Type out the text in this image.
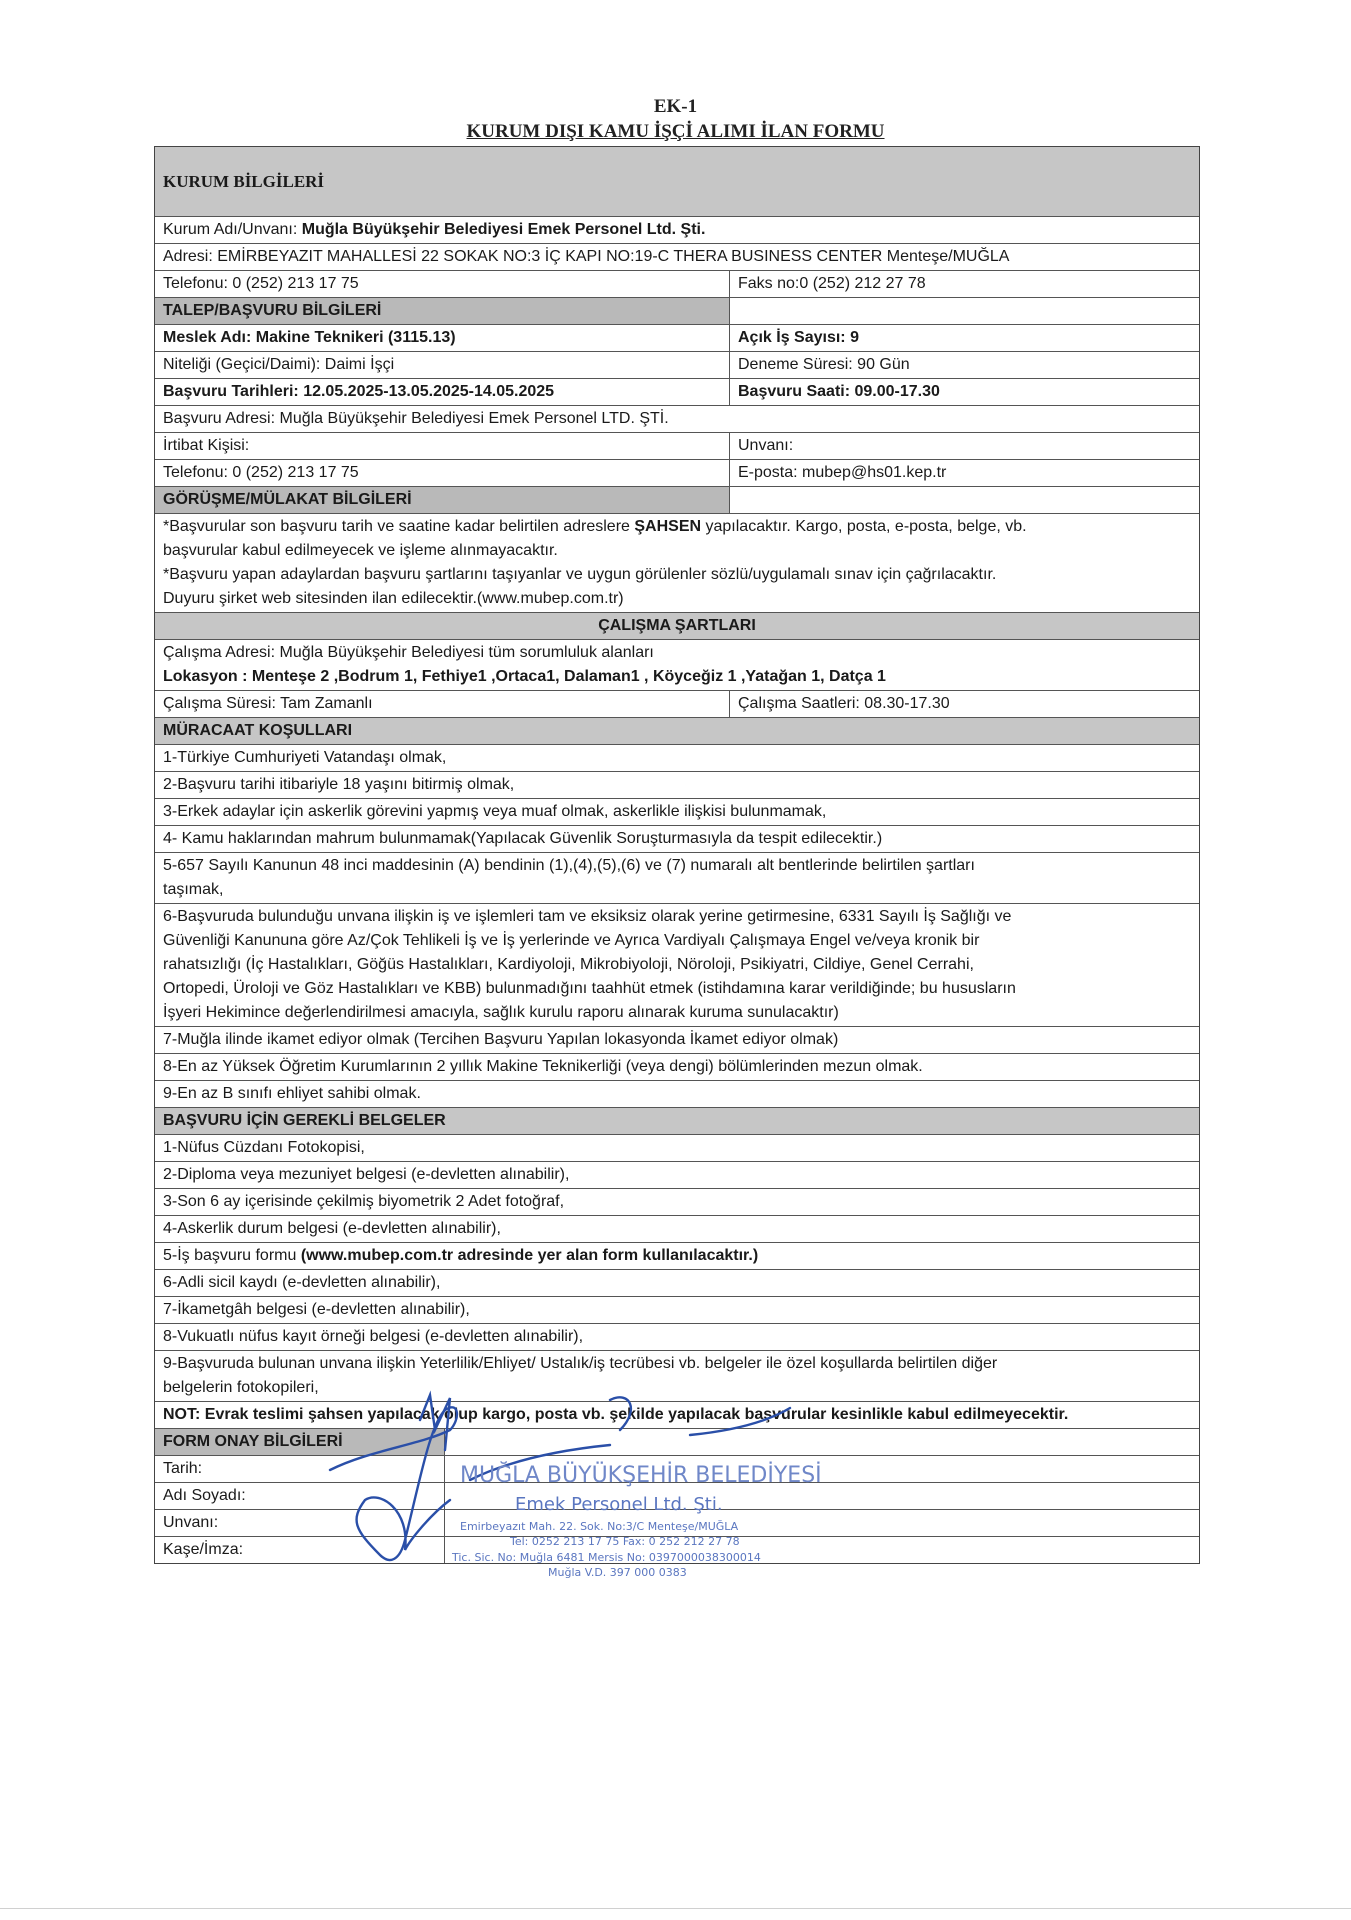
EK-1
KURUM DIŞI KAMU İŞÇİ ALIMI İLAN FORMU
KURUM BİLGİLERİ
Kurum Adı/Unvanı: Muğla Büyükşehir Belediyesi Emek Personel Ltd. Şti.
Adresi: EMİRBEYAZIT MAHALLESİ 22 SOKAK NO:3 İÇ KAPI NO:19-C THERA BUSINESS CENTER Menteşe/MUĞLA
Telefonu: 0 (252) 213 17 75	Faks no:0 (252) 212 27 78
TALEP/BAŞVURU BİLGİLERİ
Meslek Adı: Makine Teknikeri (3115.13)	Açık İş Sayısı: 9
Niteliği (Geçici/Daimi): Daimi İşçi	Deneme Süresi: 90 Gün
Başvuru Tarihleri: 12.05.2025-13.05.2025-14.05.2025	Başvuru Saati: 09.00-17.30
Başvuru Adresi: Muğla Büyükşehir Belediyesi Emek Personel LTD. ŞTİ.
İrtibat Kişisi:	Unvanı:
Telefonu: 0 (252) 213 17 75	E-posta: mubep@hs01.kep.tr
GÖRÜŞME/MÜLAKAT BİLGİLERİ
*Başvurular son başvuru tarih ve saatine kadar belirtilen adreslere ŞAHSEN yapılacaktır. Kargo, posta, e-posta, belge, vb.
başvurular kabul edilmeyecek ve işleme alınmayacaktır.
*Başvuru yapan adaylardan başvuru şartlarını taşıyanlar ve uygun görülenler sözlü/uygulamalı sınav için çağrılacaktır.
Duyuru şirket web sitesinden ilan edilecektir.(www.mubep.com.tr)
ÇALIŞMA ŞARTLARI
Çalışma Adresi: Muğla Büyükşehir Belediyesi tüm sorumluluk alanları
Lokasyon : Menteşe 2 ,Bodrum 1, Fethiye1 ,Ortaca1, Dalaman1 , Köyceğiz 1 ,Yatağan 1, Datça 1
Çalışma Süresi: Tam Zamanlı	Çalışma Saatleri: 08.30-17.30
MÜRACAAT KOŞULLARI
1-Türkiye Cumhuriyeti Vatandaşı olmak,
2-Başvuru tarihi itibariyle 18 yaşını bitirmiş olmak,
3-Erkek adaylar için askerlik görevini yapmış veya muaf olmak, askerlikle ilişkisi bulunmamak,
4- Kamu haklarından mahrum bulunmamak(Yapılacak Güvenlik Soruşturmasıyla da tespit edilecektir.)
5-657 Sayılı Kanunun 48 inci maddesinin (A) bendinin (1),(4),(5),(6) ve (7) numaralı alt bentlerinde belirtilen şartları
taşımak,
6-Başvuruda bulunduğu unvana ilişkin iş ve işlemleri tam ve eksiksiz olarak yerine getirmesine, 6331 Sayılı İş Sağlığı ve
Güvenliği Kanununa göre Az/Çok Tehlikeli İş ve İş yerlerinde ve Ayrıca Vardiyalı Çalışmaya Engel ve/veya kronik bir
rahatsızlığı (İç Hastalıkları, Göğüs Hastalıkları, Kardiyoloji, Mikrobiyoloji, Nöroloji, Psikiyatri, Cildiye, Genel Cerrahi,
Ortopedi, Üroloji ve Göz Hastalıkları ve KBB) bulunmadığını taahhüt etmek (istihdamına karar verildiğinde; bu hususların
İşyeri Hekimince değerlendirilmesi amacıyla, sağlık kurulu raporu alınarak kuruma sunulacaktır)
7-Muğla ilinde ikamet ediyor olmak (Tercihen Başvuru Yapılan lokasyonda İkamet ediyor olmak)
8-En az Yüksek Öğretim Kurumlarının 2 yıllık Makine Teknikerliği (veya dengi) bölümlerinden mezun olmak.
9-En az B sınıfı ehliyet sahibi olmak.
BAŞVURU İÇİN GEREKLİ BELGELER
1-Nüfus Cüzdanı Fotokopisi,
2-Diploma veya mezuniyet belgesi (e-devletten alınabilir),
3-Son 6 ay içerisinde çekilmiş biyometrik 2 Adet fotoğraf,
4-Askerlik durum belgesi (e-devletten alınabilir),
5-İş başvuru formu (www.mubep.com.tr adresinde yer alan form kullanılacaktır.)
6-Adli sicil kaydı (e-devletten alınabilir),
7-İkametgâh belgesi (e-devletten alınabilir),
8-Vukuatlı nüfus kayıt örneği belgesi (e-devletten alınabilir),
9-Başvuruda bulunan unvana ilişkin Yeterlilik/Ehliyet/ Ustalık/iş tecrübesi vb. belgeler ile özel koşullarda belirtilen diğer
belgelerin fotokopileri,
NOT: Evrak teslimi şahsen yapılacak olup kargo, posta vb. şekilde yapılacak başvurular kesinlikle kabul edilmeyecektir.
FORM ONAY BİLGİLERİ
Tarih:
Adı Soyadı:
Unvanı:
Kaşe/İmza:
MUĞLA BÜYÜKŞEHİR BELEDİYESİ
Emek Personel Ltd. Şti.
Emirbeyazıt Mah. 22. Sok. No:3/C Menteşe/MUĞLA
Tel: 0252 213 17 75 Fax: 0 252 212 27 78
Tic. Sic. No: Muğla 6481 Mersis No: 0397000038300014
Muğla V.D. 397 000 0383
